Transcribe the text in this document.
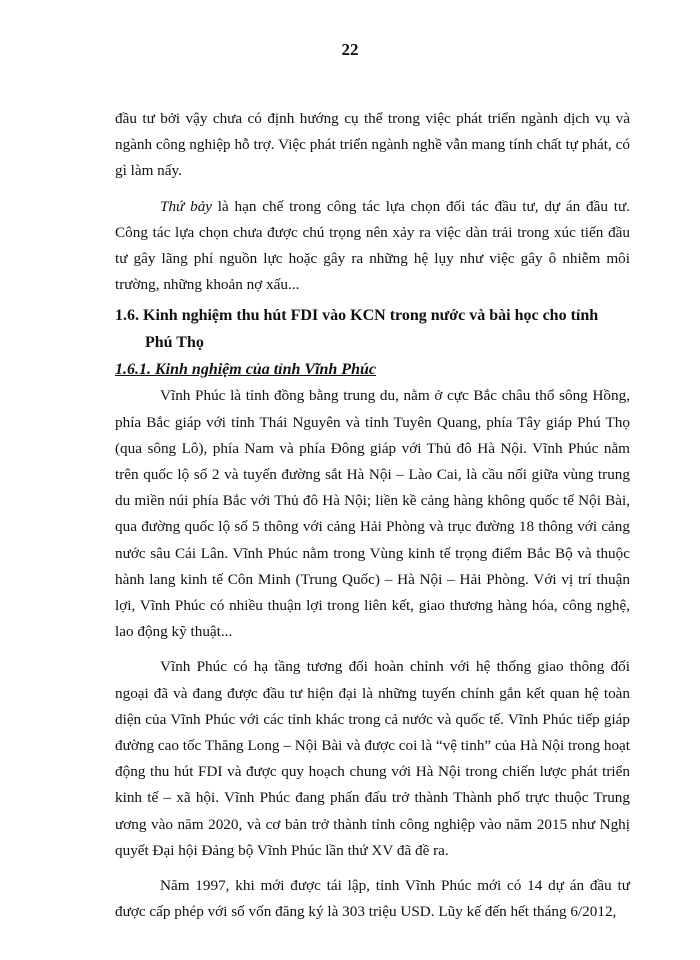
22

đầu tư bởi vậy chưa có định hướng cụ thể trong việc phát triển ngành dịch vụ và ngành công nghiệp hỗ trợ. Việc phát triển ngành nghề vẫn mang tính chất tự phát, có gì làm nấy.

Thứ bảy là hạn chế trong công tác lựa chọn đối tác đầu tư, dự án đầu tư. Công tác lựa chọn chưa được chú trọng nên xảy ra việc dàn trải trong xúc tiến đầu tư gây lãng phí nguồn lực hoặc gây ra những hệ lụy như việc gây ô nhiễm môi trường, những khoản nợ xấu...

1.6. Kinh nghiệm thu hút FDI vào KCN trong nước và bài học cho tỉnh
Phú Thọ
1.6.1. Kinh nghiệm của tỉnh Vĩnh Phúc

Vĩnh Phúc là tỉnh đồng bằng trung du, nằm ở cực Bắc châu thổ sông Hồng, phía Bắc giáp với tỉnh Thái Nguyên và tỉnh Tuyên Quang, phía Tây giáp Phú Thọ (qua sông Lô), phía Nam và phía Đông giáp với Thủ đô Hà Nội. Vĩnh Phúc nằm trên quốc lộ số 2 và tuyến đường sắt Hà Nội – Lào Cai, là cầu nối giữa vùng trung du miền núi phía Bắc với Thủ đô Hà Nội; liền kề cảng hàng không quốc tế Nội Bài, qua đường quốc lộ số 5 thông với cảng Hải Phòng và trục đường 18 thông với cảng nước sâu Cái Lân. Vĩnh Phúc nằm trong Vùng kinh tế trọng điểm Bắc Bộ và thuộc hành lang kinh tế Côn Minh (Trung Quốc) – Hà Nội – Hải Phòng. Với vị trí thuận lợi, Vĩnh Phúc có nhiều thuận lợi trong liên kết, giao thương hàng hóa, công nghệ, lao động kỹ thuật...

Vĩnh Phúc có hạ tầng tương đối hoàn chỉnh với hệ thống giao thông đối ngoại đã và đang được đầu tư hiện đại là những tuyến chính gắn kết quan hệ toàn diện của Vĩnh Phúc với các tỉnh khác trong cả nước và quốc tế. Vĩnh Phúc tiếp giáp đường cao tốc Thăng Long – Nội Bài và được coi là “vệ tinh” của Hà Nội trong hoạt động thu hút FDI và được quy hoạch chung với Hà Nội trong chiến lược phát triển kinh tế – xã hội. Vĩnh Phúc đang phấn đấu trở thành Thành phố trực thuộc Trung ương vào năm 2020, và cơ bản trở thành tỉnh công nghiệp vào năm 2015 như Nghị quyết Đại hội Đảng bộ Vĩnh Phúc lần thứ XV đã đề ra.

Năm 1997, khi mới được tái lập, tỉnh Vĩnh Phúc mới có 14 dự án đầu tư được cấp phép với số vốn đăng ký là 303 triệu USD. Lũy kế đến hết tháng 6/2012,
